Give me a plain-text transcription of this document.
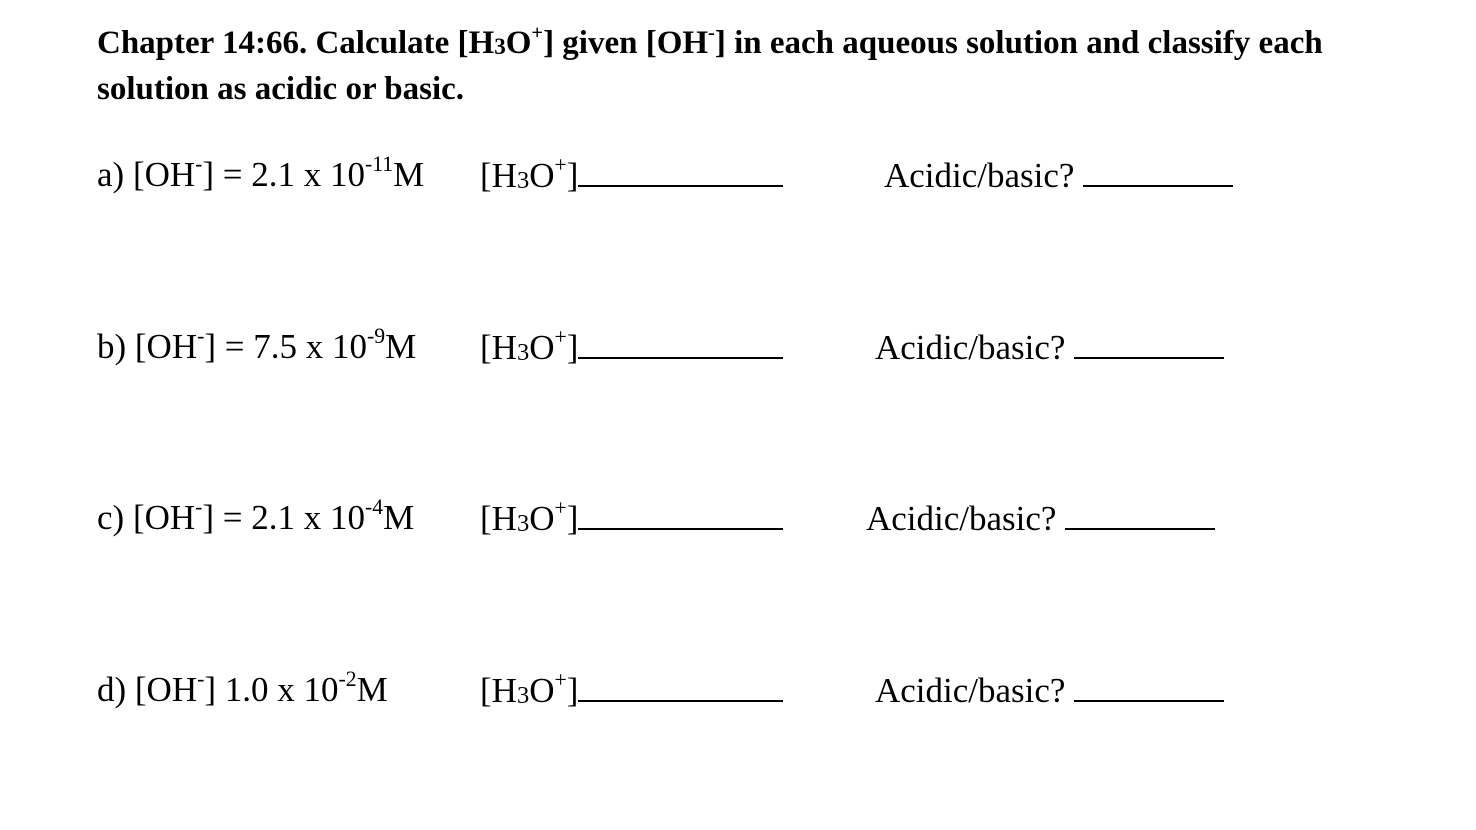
Chapter 14:66. Calculate [H3O+] given [OH-] in each aqueous solution and classify each solution as acidic or basic.
a) [OH-] = 2.1 x $10^{-11}M$ [H3O+]	Acidic/basic?
b) [OH-] = 7.5 x $10^{-9}M$ [H3O+]	Acidic/basic?
c) [OH-] = 2.1 x $10^{-4}M$ [H3O+]	Acidic/basic?
d) [OH-] 1.0 x $10^{-2}M$	[H3O+]	Acidic/basic?
